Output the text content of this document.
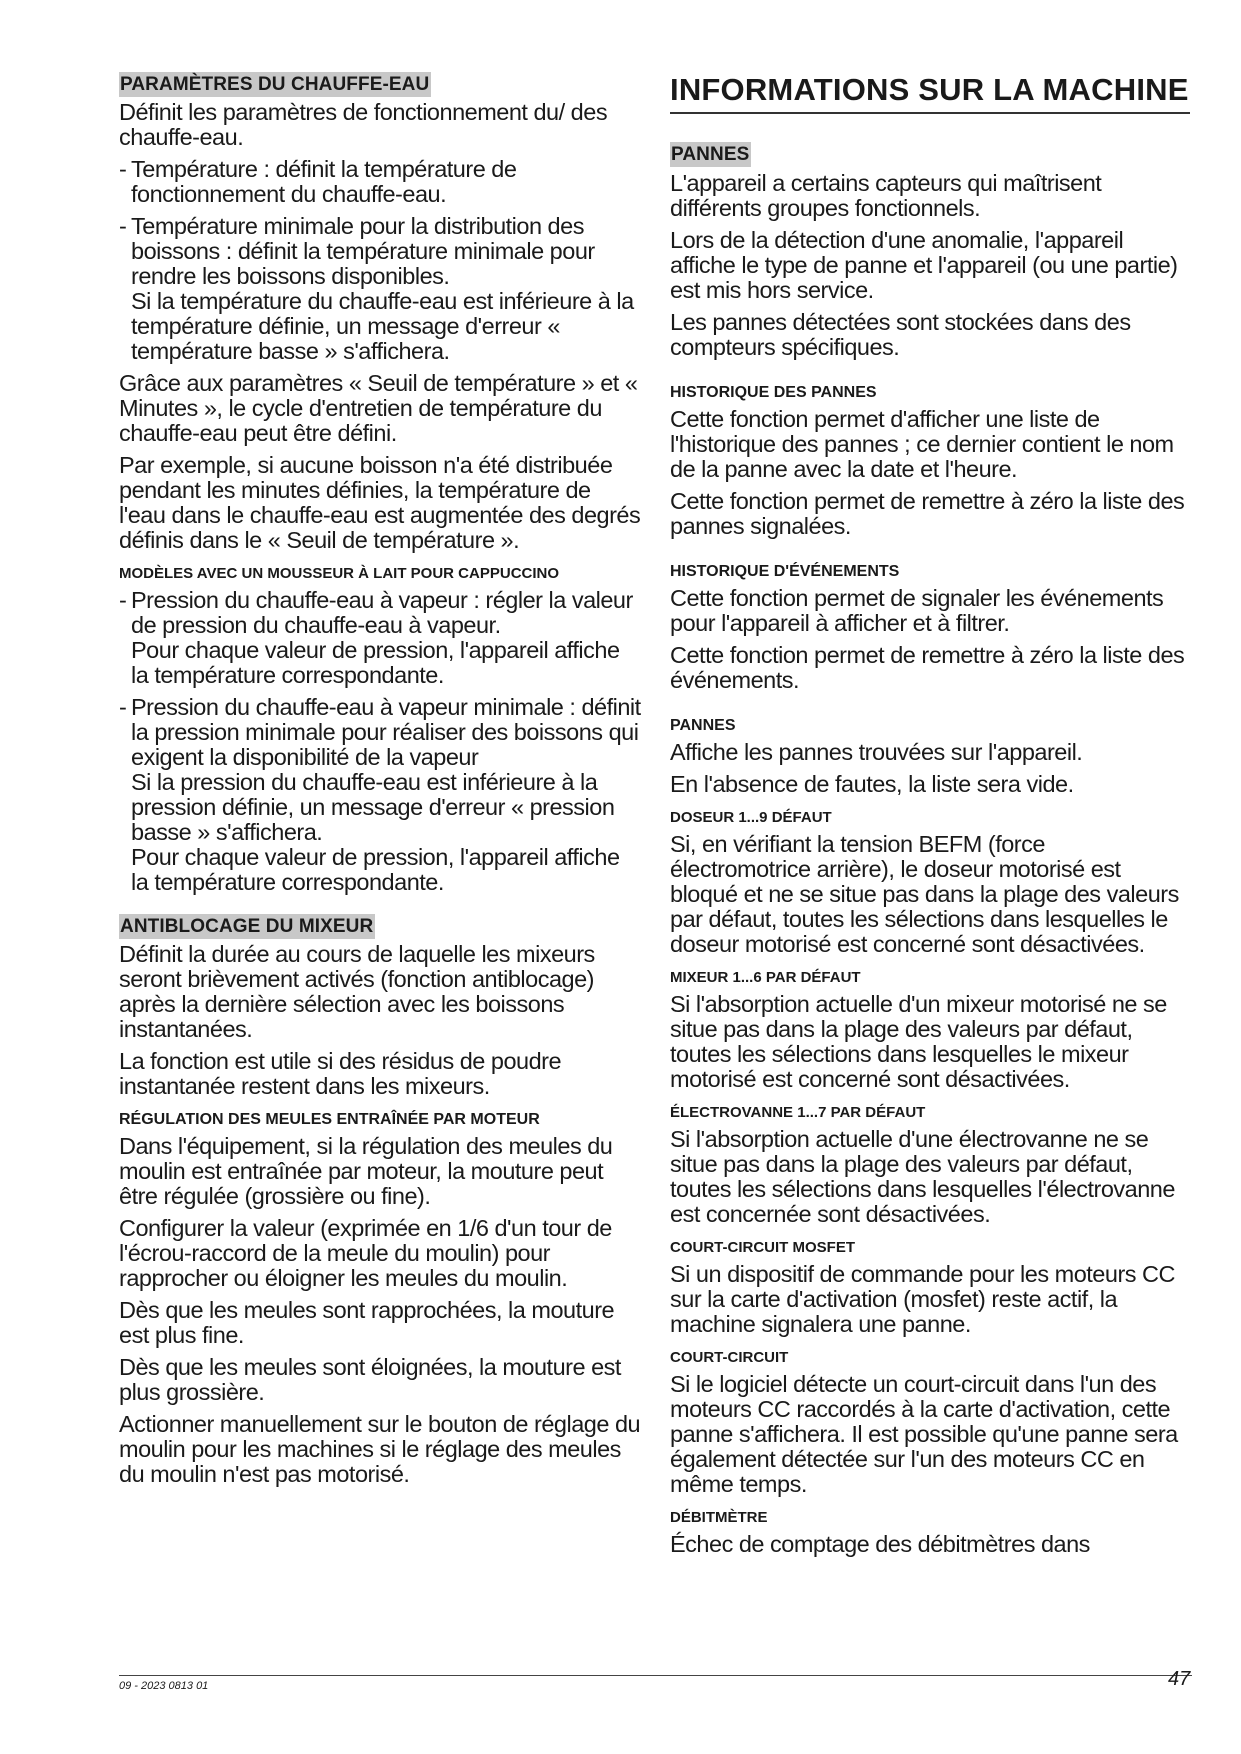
PARAMÈTRES DU CHAUFFE-EAU

Définit les paramètres de fonctionnement du/ des chauffe-eau.

- Température : définit la température de fonctionnement du chauffe-eau.
- Température minimale pour la distribution des boissons : définit la température minimale pour rendre les boissons disponibles.
Si la température du chauffe-eau est inférieure à la température définie, un message d'erreur « température basse » s'affichera.

Grâce aux paramètres « Seuil de température » et « Minutes », le cycle d'entretien de température du chauffe-eau peut être défini.

Par exemple, si aucune boisson n'a été distribuée pendant les minutes définies, la température de l'eau dans le chauffe-eau est augmentée des degrés définis dans le « Seuil de température ».

MODÈLES AVEC UN MOUSSEUR À LAIT POUR CAPPUCCINO
- Pression du chauffe-eau à vapeur : régler la valeur de pression du chauffe-eau à vapeur.
Pour chaque valeur de pression, l'appareil affiche la température correspondante.
- Pression du chauffe-eau à vapeur minimale : définit la pression minimale pour réaliser des boissons qui exigent la disponibilité de la vapeur
Si la pression du chauffe-eau est inférieure à la pression définie, un message d'erreur « pression basse » s'affichera.
Pour chaque valeur de pression, l'appareil affiche la température correspondante.
ANTIBLOCAGE DU MIXEUR

Définit la durée au cours de laquelle les mixeurs seront brièvement activés (fonction antiblocage) après la dernière sélection avec les boissons instantanées.

La fonction est utile si des résidus de poudre instantanée restent dans les mixeurs.

RÉGULATION DES MEULES ENTRAÎNÉE PAR MOTEUR

Dans l'équipement, si la régulation des meules du moulin est entraînée par moteur, la mouture peut être régulée (grossière ou fine).

Configurer la valeur (exprimée en 1/6 d'un tour de l'écrou-raccord de la meule du moulin) pour rapprocher ou éloigner les meules du moulin.

Dès que les meules sont rapprochées, la mouture est plus fine.

Dès que les meules sont éloignées, la mouture est plus grossière.

Actionner manuellement sur le bouton de réglage du moulin pour les machines si le réglage des meules du moulin n'est pas motorisé.

INFORMATIONS SUR LA MACHINE
PANNES

L'appareil a certains capteurs qui maîtrisent différents groupes fonctionnels.

Lors de la détection d'une anomalie, l'appareil affiche le type de panne et l'appareil (ou une partie) est mis hors service.

Les pannes détectées sont stockées dans des compteurs spécifiques.

HISTORIQUE DES PANNES

Cette fonction permet d'afficher une liste de l'historique des pannes ; ce dernier contient le nom de la panne avec la date et l'heure.

Cette fonction permet de remettre à zéro la liste des pannes signalées.

HISTORIQUE D'ÉVÉNEMENTS

Cette fonction permet de signaler les événements pour l'appareil à afficher et à filtrer.

Cette fonction permet de remettre à zéro la liste des événements.

PANNES

Affiche les pannes trouvées sur l'appareil.

En l'absence de fautes, la liste sera vide.

DOSEUR 1...9 DÉFAUT

Si, en vérifiant la tension BEFM (force électromotrice arrière), le doseur motorisé est bloqué et ne se situe pas dans la plage des valeurs par défaut, toutes les sélections dans lesquelles le doseur motorisé est concerné sont désactivées.

MIXEUR 1...6 PAR DÉFAUT

Si l'absorption actuelle d'un mixeur motorisé ne se situe pas dans la plage des valeurs par défaut, toutes les sélections dans lesquelles le mixeur motorisé est concerné sont désactivées.

ÉLECTROVANNE 1...7 PAR DÉFAUT

Si l'absorption actuelle d'une électrovanne ne se situe pas dans la plage des valeurs par défaut, toutes les sélections dans lesquelles l'électrovanne est concernée sont désactivées.

COURT-CIRCUIT MOSFET

Si un dispositif de commande pour les moteurs CC sur la carte d'activation (mosfet) reste actif, la machine signalera une panne.

COURT-CIRCUIT

Si le logiciel détecte un court-circuit dans l'un des moteurs CC raccordés à la carte d'activation, cette panne s'affichera. Il est possible qu'une panne sera également détectée sur l'un des moteurs CC en même temps.

DÉBITMÈTRE

Échec de comptage des débitmètres dans

09 - 2023 0813 01	47
